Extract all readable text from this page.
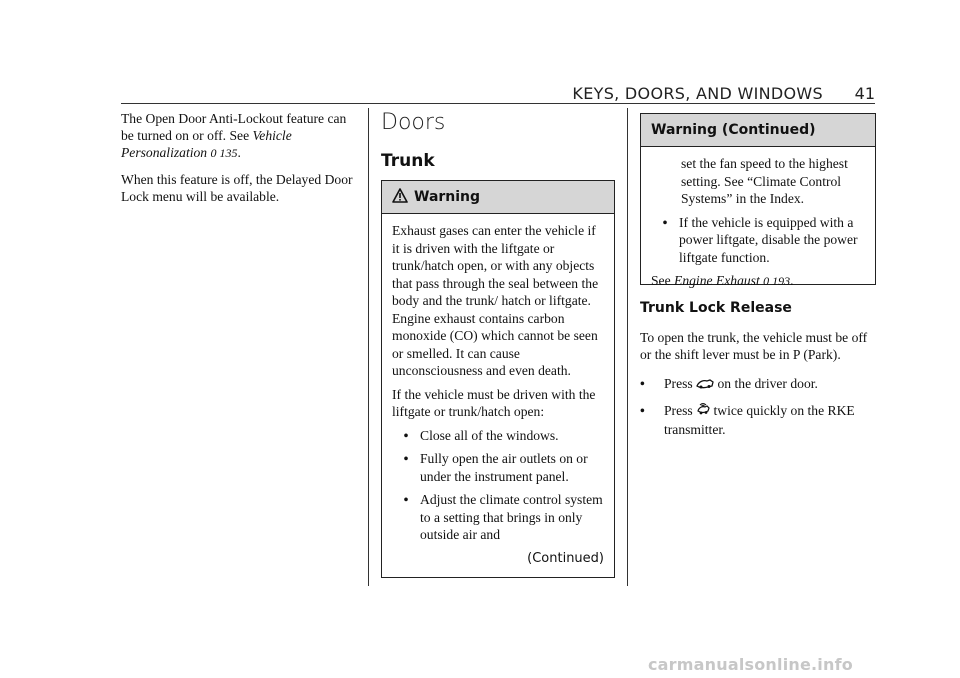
KEYS, DOORS, AND WINDOWS 41

The Open Door Anti-Lockout feature can be turned on or off. See Vehicle Personalization 0 135.

When this feature is off, the Delayed Door Lock menu will be available.

Doors
Trunk
Warning

Exhaust gases can enter the vehicle if it is driven with the liftgate or trunk/hatch open, or with any objects that pass through the seal between the body and the trunk/ hatch or liftgate. Engine exhaust contains carbon monoxide (CO) which cannot be seen or smelled. It can cause unconsciousness and even death.

If the vehicle must be driven with the liftgate or trunk/hatch open:

• Close all of the windows.
• Fully open the air outlets on or under the instrument panel.
• Adjust the climate control system to a setting that brings in only outside air and
(Continued)
Warning (Continued)

set the fan speed to the highest setting. See “Climate Control Systems” in the Index.

• If the vehicle is equipped with a power liftgate, disable the power liftgate function.

See Engine Exhaust 0 193.

Trunk Lock Release

To open the trunk, the vehicle must be off or the shift lever must be in P (Park).

•	Press  on the driver door.
•	Press  twice quickly on the RKE transmitter.
carmanualsonline.info
